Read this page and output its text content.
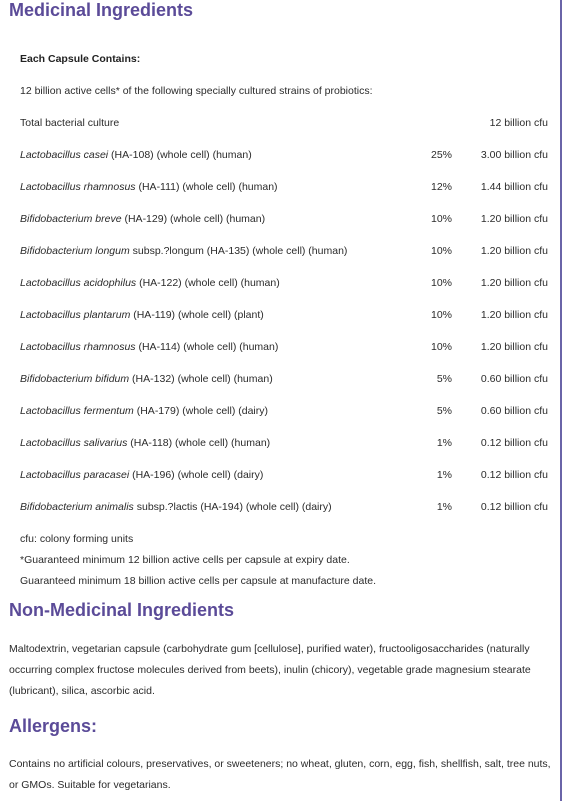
Medicinal Ingredients
Each Capsule Contains:
12 billion active cells* of the following specially cultured strains of probiotics:
Total bacterial culture	12 billion cfu
Lactobacillus casei (HA-108) (whole cell) (human)	25%	3.00 billion cfu
Lactobacillus rhamnosus (HA-111) (whole cell) (human)	12%	1.44 billion cfu
Bifidobacterium breve (HA-129) (whole cell) (human)	10%	1.20 billion cfu
Bifidobacterium longum subsp.?longum (HA-135) (whole cell) (human)	10%	1.20 billion cfu
Lactobacillus acidophilus (HA-122) (whole cell) (human)	10%	1.20 billion cfu
Lactobacillus plantarum (HA-119) (whole cell) (plant)	10%	1.20 billion cfu
Lactobacillus rhamnosus (HA-114) (whole cell) (human)	10%	1.20 billion cfu
Bifidobacterium bifidum (HA-132) (whole cell) (human)	5%	0.60 billion cfu
Lactobacillus fermentum (HA-179) (whole cell) (dairy)	5%	0.60 billion cfu
Lactobacillus salivarius (HA-118) (whole cell) (human)	1%	0.12 billion cfu
Lactobacillus paracasei (HA-196) (whole cell) (dairy)	1%	0.12 billion cfu
Bifidobacterium animalis subsp.?lactis (HA-194) (whole cell) (dairy)	1%	0.12 billion cfu
cfu: colony forming units
*Guaranteed minimum 12 billion active cells per capsule at expiry date.
Guaranteed minimum 18 billion active cells per capsule at manufacture date.
Non-Medicinal Ingredients

Maltodextrin, vegetarian capsule (carbohydrate gum [cellulose], purified water), fructooligosaccharides (naturally occurring complex fructose molecules derived from beets), inulin (chicory), vegetable grade magnesium stearate (lubricant), silica, ascorbic acid.

Allergens:

Contains no artificial colours, preservatives, or sweeteners; no wheat, gluten, corn, egg, fish, shellfish, salt, tree nuts, or GMOs. Suitable for vegetarians.
